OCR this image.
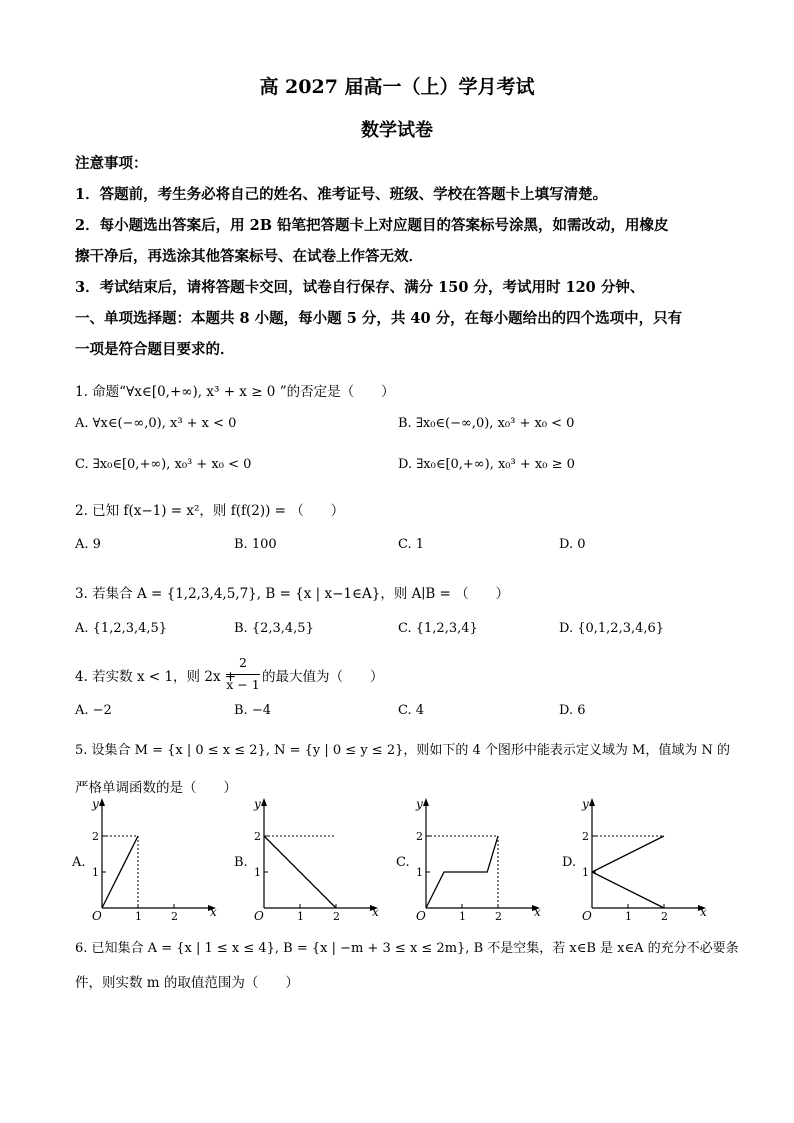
高 2027 届高一（上）学月考试
数学试卷
注意事项：
1．答题前，考生务必将自己的姓名、准考证号、班级、学校在答题卡上填写清楚。
2．每小题选出答案后，用 2B 铅笔把答题卡上对应题目的答案标号涂黑，如需改动，用橡皮
擦干净后，再选涂其他答案标号、在试卷上作答无效．
3．考试结束后，请将答题卡交回，试卷自行保存、满分 150 分，考试用时 120 分钟、
一、单项选择题：本题共 8 小题，每小题 5 分，共 40 分，在每小题给出的四个选项中，只有
一项是符合题目要求的．
1. 命题“∀x∈[0,+∞), x³ + x ≥ 0 ”的否定是（　　）
A. ∀x∈(−∞,0), x³ + x < 0	B. ∃x₀∈(−∞,0), x₀³ + x₀ < 0
C. ∃x₀∈[0,+∞), x₀³ + x₀ < 0	D. ∃x₀∈[0,+∞), x₀³ + x₀ ≥ 0
2. 已知 f(x−1) = x²，则 f(f(2)) = （　　）
A. 9	B. 100	C. 1	D. 0
3. 若集合 A = {1,2,3,4,5,7}, B = {x | x−1∈A}，则 A∣B = （　　）
A. {1,2,3,4,5}	B. {2,3,4,5}	C. {1,2,3,4}	D. {0,1,2,3,4,6}
4. 若实数 x < 1，则 2x +
2
x − 1 的最大值为（　　）
A. −2	B. −4	C. 4	D. 6
5. 设集合 M = {x | 0 ≤ x ≤ 2}, N = {y | 0 ≤ y ≤ 2}，则如下的 4 个图形中能表示定义域为 M，值域为 N 的
严格单调函数的是（　　）
A.
x
y
O	1
1
2
2
B.
x
y
O	1
1
2
2
C.
x
y
O	1
1
2
2
D.
x
y
O	1
1
2
2
6. 已知集合 A = {x | 1 ≤ x ≤ 4}, B = {x | −m + 3 ≤ x ≤ 2m}, B 不是空集，若 x∈B 是 x∈A 的充分不必要条
件，则实数 m 的取值范围为（　　）
